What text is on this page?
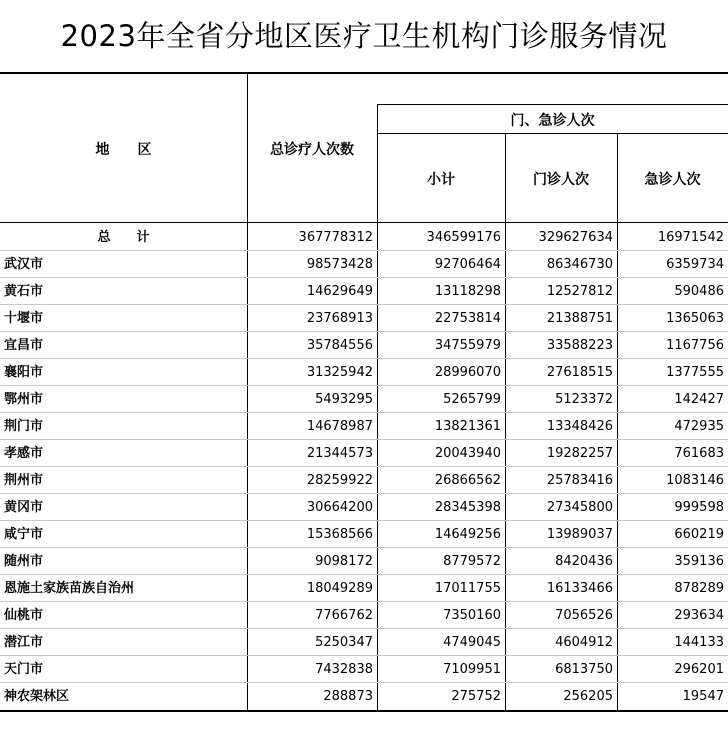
2023年全省分地区医疗卫生机构门诊服务情况
地　　区	总诊疗人次数
门、急诊人次
小计	门诊人次	急诊人次
总　　计	367778312	346599176	329627634	16971542
武汉市	98573428	92706464	86346730	6359734
黄石市	14629649	13118298	12527812	590486
十堰市	23768913	22753814	21388751	1365063
宜昌市	35784556	34755979	33588223	1167756
襄阳市	31325942	28996070	27618515	1377555
鄂州市	5493295	5265799	5123372	142427
荆门市	14678987	13821361	13348426	472935
孝感市	21344573	20043940	19282257	761683
荆州市	28259922	26866562	25783416	1083146
黄冈市	30664200	28345398	27345800	999598
咸宁市	15368566	14649256	13989037	660219
随州市	9098172	8779572	8420436	359136
恩施土家族苗族自治州	18049289	17011755	16133466	878289
仙桃市	7766762	7350160	7056526	293634
潜江市	5250347	4749045	4604912	144133
天门市	7432838	7109951	6813750	296201
神农架林区	288873	275752	256205	19547
